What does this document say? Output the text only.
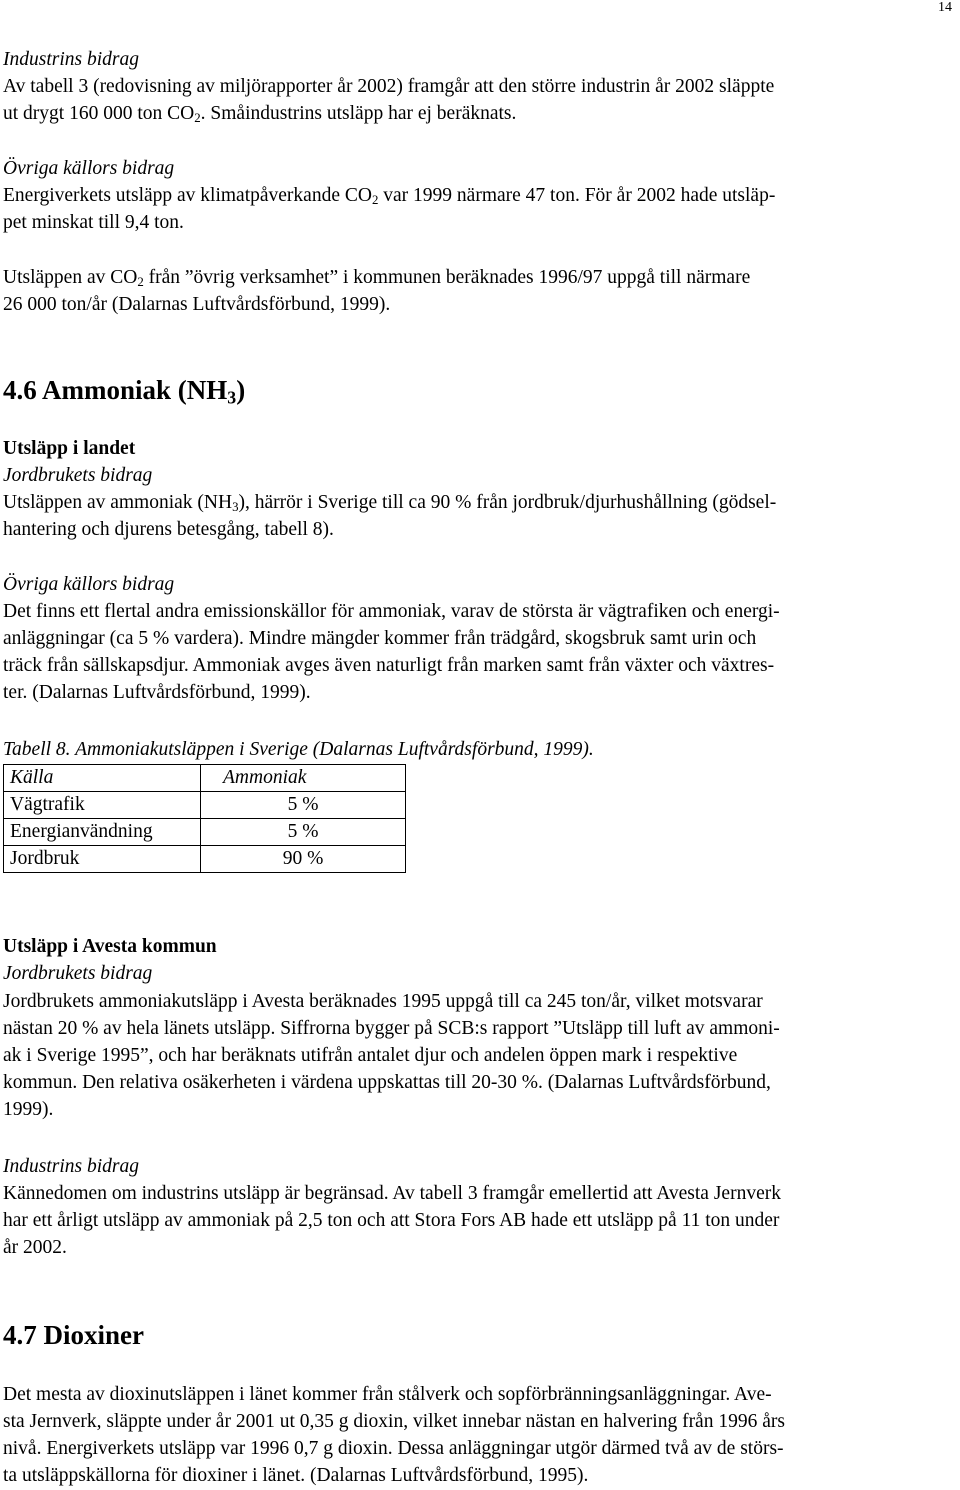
14

Industrins bidrag

Av tabell 3 (redovisning av miljörapporter år 2002) framgår att den större industrin år 2002 släppte

ut drygt 160 000 ton $CO_2$. Småindustrins utsläpp har ej beräknats.

Övriga källors bidrag

Energiverkets utsläpp av klimatpåverkande $CO_2$ var 1999 närmare 47 ton. För år 2002 hade utsläp-

pet minskat till 9,4 ton.

Utsläppen av $CO_2$ från ”övrig verksamhet” i kommunen beräknades 1996/97 uppgå till närmare

26 000 ton/år (Dalarnas Luftvårdsförbund, 1999).

4.6 Ammoniak $(NH_3)$

Utsläpp i landet

Jordbrukets bidrag

Utsläppen av ammoniak $(NH_3)$, härrör i Sverige till ca 90 % från jordbruk/djurhushållning (gödsel-

hantering och djurens betesgång, tabell 8).

Övriga källors bidrag

Det finns ett flertal andra emissionskällor för ammoniak, varav de största är vägtrafiken och energi-

anläggningar (ca 5 % vardera). Mindre mängder kommer från trädgård, skogsbruk samt urin och

träck från sällskapsdjur. Ammoniak avges även naturligt från marken samt från växter och växtres-

ter. (Dalarnas Luftvårdsförbund, 1999).

Tabell 8. Ammoniakutsläppen i Sverige (Dalarnas Luftvårdsförbund, 1999).

Källa	Ammoniak
Vägtrafik	5 %
Energianvändning	5 %
Jordbruk	90 %

Utsläpp i Avesta kommun

Jordbrukets bidrag

Jordbrukets ammoniakutsläpp i Avesta beräknades 1995 uppgå till ca 245 ton/år, vilket motsvarar

nästan 20 % av hela länets utsläpp. Siffrorna bygger på SCB:s rapport ”Utsläpp till luft av ammoni-

ak i Sverige 1995”, och har beräknats utifrån antalet djur och andelen öppen mark i respektive

kommun. Den relativa osäkerheten i värdena uppskattas till 20-30 %. (Dalarnas Luftvårdsförbund,

1999).

Industrins bidrag

Kännedomen om industrins utsläpp är begränsad. Av tabell 3 framgår emellertid att Avesta Jernverk

har ett årligt utsläpp av ammoniak på 2,5 ton och att Stora Fors AB hade ett utsläpp på 11 ton under

år 2002.

4.7 Dioxiner

Det mesta av dioxinutsläppen i länet kommer från stålverk och sopförbränningsanläggningar. Ave-

sta Jernverk, släppte under år 2001 ut 0,35 g dioxin, vilket innebar nästan en halvering från 1996 års

nivå. Energiverkets utsläpp var 1996 0,7 g dioxin. Dessa anläggningar utgör därmed två av de störs-

ta utsläppskällorna för dioxiner i länet. (Dalarnas Luftvårdsförbund, 1995).
